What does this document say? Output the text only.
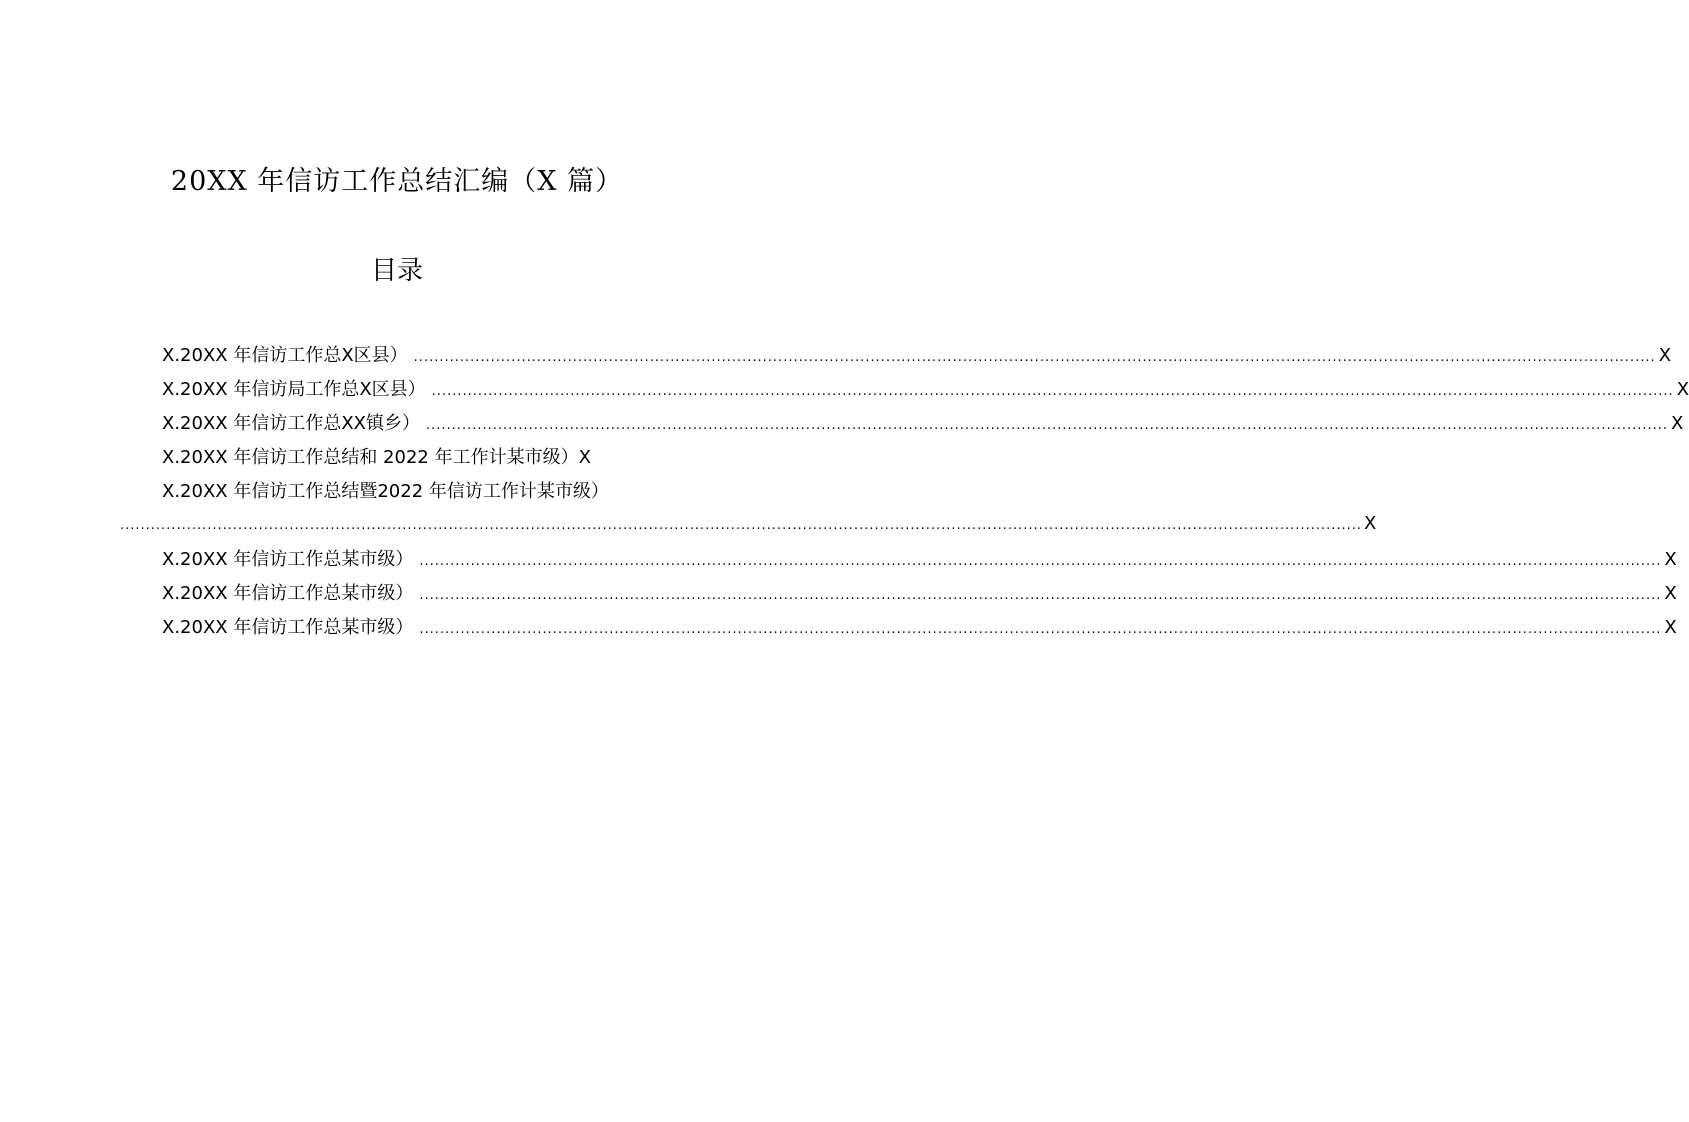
20XX 年信访工作总结汇编（X 篇）
目录
X.20XX 年信访工作总X区县） .................................................................................................................................................................................................................................................. X
X.20XX 年信访局工作总X区县） .................................................................................................................................................................................................................................................. X
X.20XX 年信访工作总XX镇乡） .................................................................................................................................................................................................................................................. X
X.20XX 年信访工作总结和 2022 年工作计某市级）X
X.20XX 年信访工作总结暨2022 年信访工作计某市级）
.................................................................................................................................................................................................................................................. X
X.20XX 年信访工作总某市级） .................................................................................................................................................................................................................................................. X
X.20XX 年信访工作总某市级） .................................................................................................................................................................................................................................................. X
X.20XX 年信访工作总某市级） .................................................................................................................................................................................................................................................. X
